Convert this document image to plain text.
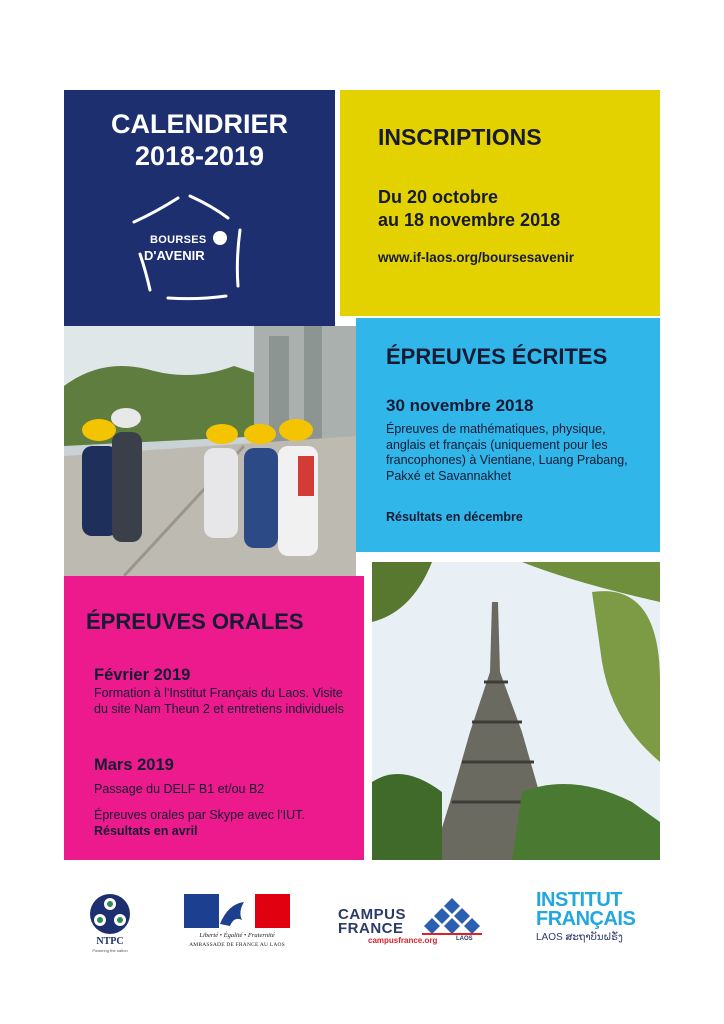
CALENDRIER
2018-2019
BOURSES
D'AVENIR
INSCRIPTIONS
Du 20 octobre
au 18 novembre 2018
www.if-laos.org/boursesavenir
ÉPREUVES ÉCRITES
30 novembre 2018
Épreuves de mathématiques, physique, anglais et français (uniquement pour les francophones) à Vientiane, Luang Prabang, Pakxé et Savannakhet
Résultats en décembre
ÉPREUVES ORALES
Février 2019
Formation à l'Institut Français du Laos. Visite du site Nam Theun 2 et entretiens individuels
Mars 2019
Passage du DELF B1 et/ou B2
Épreuves orales par Skype avec l'IUT.
Résultats en avril
NTPC
Powering the nation
Liberté • Égalité • Fraternité
AMBASSADE DE FRANCE AU LAOS
CAMPUS
FRANCE
campusfrance.org	LAOS
INSTITUT
FRANÇAIS
LAOS ສະຖາບັນຝຣັ່ງ
